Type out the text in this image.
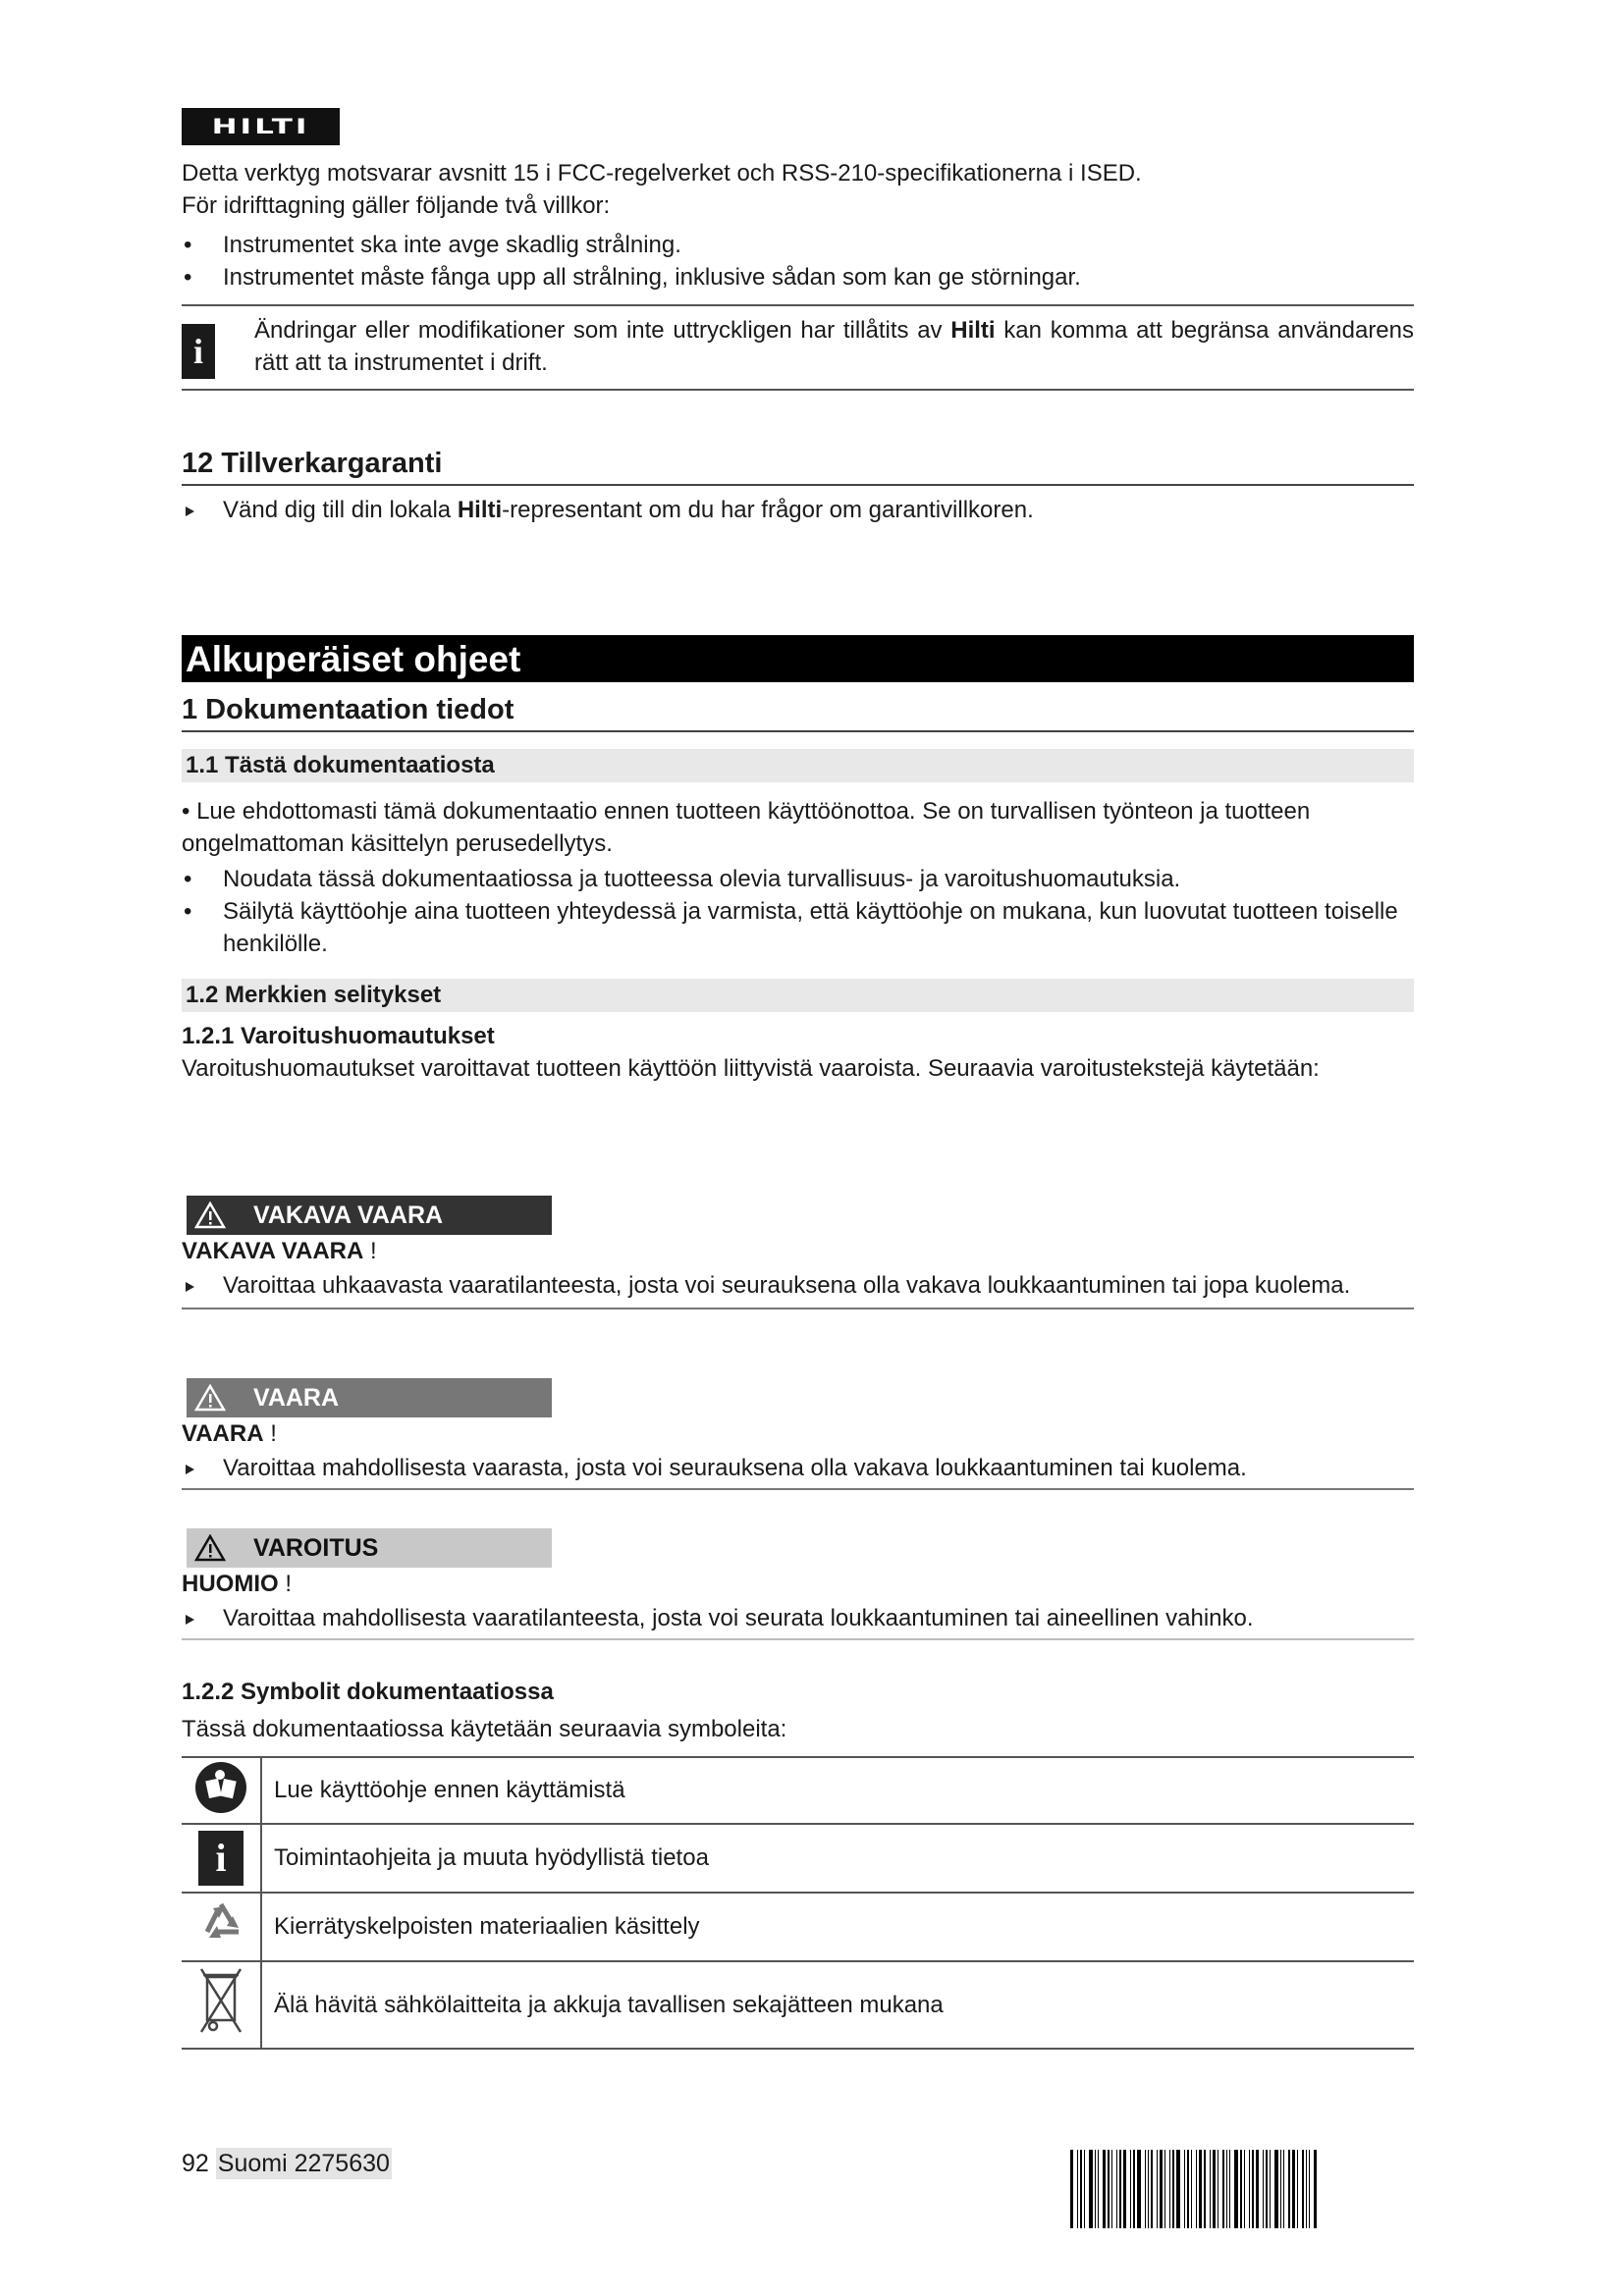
HILTI

Detta verktyg motsvarar avsnitt 15 i FCC-regelverket och RSS-210-specifikationerna i ISED.

För idrifttagning gäller följande två villkor:

• Instrumentet ska inte avge skadlig strålning.
• Instrumentet måste fånga upp all strålning, inklusive sådan som kan ge störningar.
i

Ändringar eller modifikationer som inte uttryckligen har tillåtits av Hilti kan komma att begränsa användarens rätt att ta instrumentet i drift.

12 Tillverkargaranti
Vänd dig till din lokala Hilti-representant om du har frågor om garantivillkoren.
Alkuperäiset ohjeet
1 Dokumentaation tiedot
1.1 Tästä dokumentaatiosta
• Lue ehdottomasti tämä dokumentaatio ennen tuotteen käyttöönottoa. Se on turvallisen työnteon ja tuotteen ongelmattoman käsittelyn perusedellytys.
• Noudata tässä dokumentaatiossa ja tuotteessa olevia turvallisuus- ja varoitushuomautuksia.
• Säilytä käyttöohje aina tuotteen yhteydessä ja varmista, että käyttöohje on mukana, kun luovutat tuotteen toiselle henkilölle.
1.2 Merkkien selitykset
1.2.1 Varoitushuomautukset

Varoitushuomautukset varoittavat tuotteen käyttöön liittyvistä vaaroista. Seuraavia varoitustekstejä käytetään:

VAKAVA VAARA

VAKAVA VAARA !

Varoittaa uhkaavasta vaaratilanteesta, josta voi seurauksena olla vakava loukkaantuminen tai jopa kuolema.
VAARA

VAARA !

Varoittaa mahdollisesta vaarasta, josta voi seurauksena olla vakava loukkaantuminen tai kuolema.
VAROITUS

HUOMIO !

Varoittaa mahdollisesta vaaratilanteesta, josta voi seurata loukkaantuminen tai aineellinen vahinko.
1.2.2 Symbolit dokumentaatiossa

Tässä dokumentaatiossa käytetään seuraavia symboleita:

	Lue käyttöohje ennen käyttämistä

i	Toimintaohjeita ja muuta hyödyllistä tietoa
	Kierrätyskelpoisten materiaalien käsittely
	Älä hävitä sähkölaitteita ja akkuja tavallisen sekajätteen mukana
92 Suomi 2275630
